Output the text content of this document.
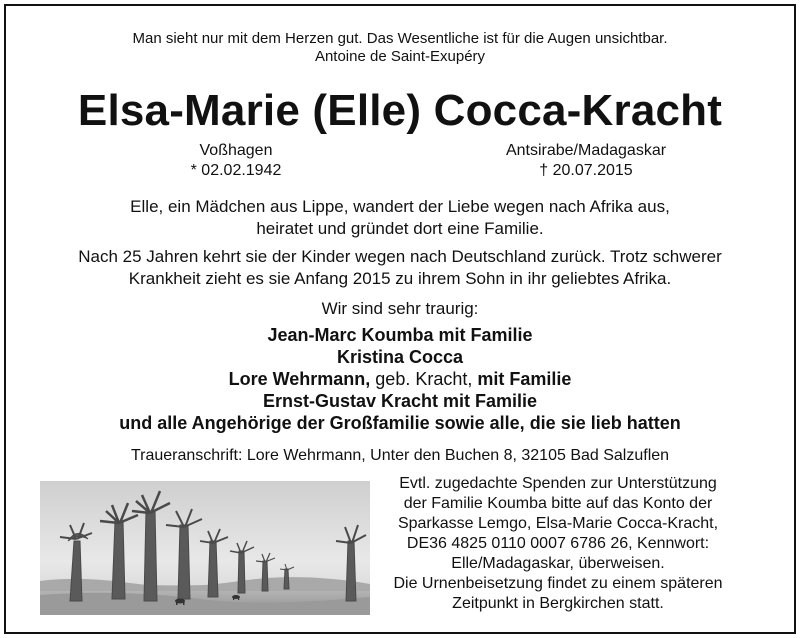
Man sieht nur mit dem Herzen gut. Das Wesentliche ist für die Augen unsichtbar.
Antoine de Saint-Exupéry
Elsa-Marie (Elle) Cocca-Kracht
Voßhagen
* 02.02.1942
Antsirabe/Madagaskar
† 20.07.2015
Elle, ein Mädchen aus Lippe, wandert der Liebe wegen nach Afrika aus,
heiratet und gründet dort eine Familie.
Nach 25 Jahren kehrt sie der Kinder wegen nach Deutschland zurück. Trotz schwerer
Krankheit zieht es sie Anfang 2015 zu ihrem Sohn in ihr geliebtes Afrika.
Wir sind sehr traurig:
Jean-Marc Koumba mit Familie
Kristina Cocca
Lore Wehrmann, geb. Kracht, mit Familie
Ernst-Gustav Kracht mit Familie
und alle Angehörige der Großfamilie sowie alle, die sie lieb hatten
Traueranschrift: Lore Wehrmann, Unter den Buchen 8, 32105 Bad Salzuflen
Evtl. zugedachte Spenden zur Unterstützung
der Familie Koumba bitte auf das Konto der
Sparkasse Lemgo, Elsa-Marie Cocca-Kracht,
DE36 4825 0110 0007 6786 26, Kennwort:
Elle/Madagaskar, überweisen.
Die Urnenbeisetzung findet zu einem späteren
Zeitpunkt in Bergkirchen statt.
